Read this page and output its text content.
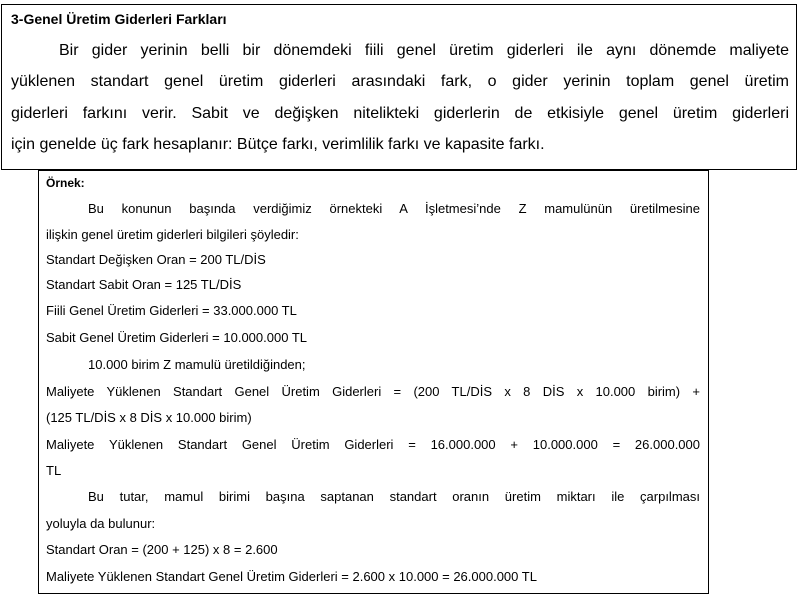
3-Genel Üretim Giderleri Farkları
Bir gider yerinin belli bir dönemdeki fiili genel üretim giderleri ile aynı dönemde maliyete
yüklenen standart genel üretim giderleri arasındaki fark, o gider yerinin toplam genel üretim
giderleri farkını verir. Sabit ve değişken nitelikteki giderlerin de etkisiyle genel üretim giderleri
için genelde üç fark hesaplanır: Bütçe farkı, verimlilik farkı ve kapasite farkı.
Örnek:
Bu konunun başında verdiğimiz örnekteki A İşletmesi’nde Z mamulünün üretilmesine
ilişkin genel üretim giderleri bilgileri şöyledir:
Standart Değişken Oran = 200 TL/DİS
Standart Sabit Oran = 125 TL/DİS
Fiili Genel Üretim Giderleri = 33.000.000 TL
Sabit Genel Üretim Giderleri = 10.000.000 TL
10.000 birim Z mamulü üretildiğinden;
Maliyete Yüklenen Standart Genel Üretim Giderleri = (200 TL/DİS x 8 DİS x 10.000 birim) +
(125 TL/DİS x 8 DİS x 10.000 birim)
Maliyete Yüklenen Standart Genel Üretim Giderleri = 16.000.000 + 10.000.000 = 26.000.000
TL
Bu tutar, mamul birimi başına saptanan standart oranın üretim miktarı ile çarpılması
yoluyla da bulunur:
Standart Oran = (200 + 125) x 8 = 2.600
Maliyete Yüklenen Standart Genel Üretim Giderleri = 2.600 x 10.000 = 26.000.000 TL
